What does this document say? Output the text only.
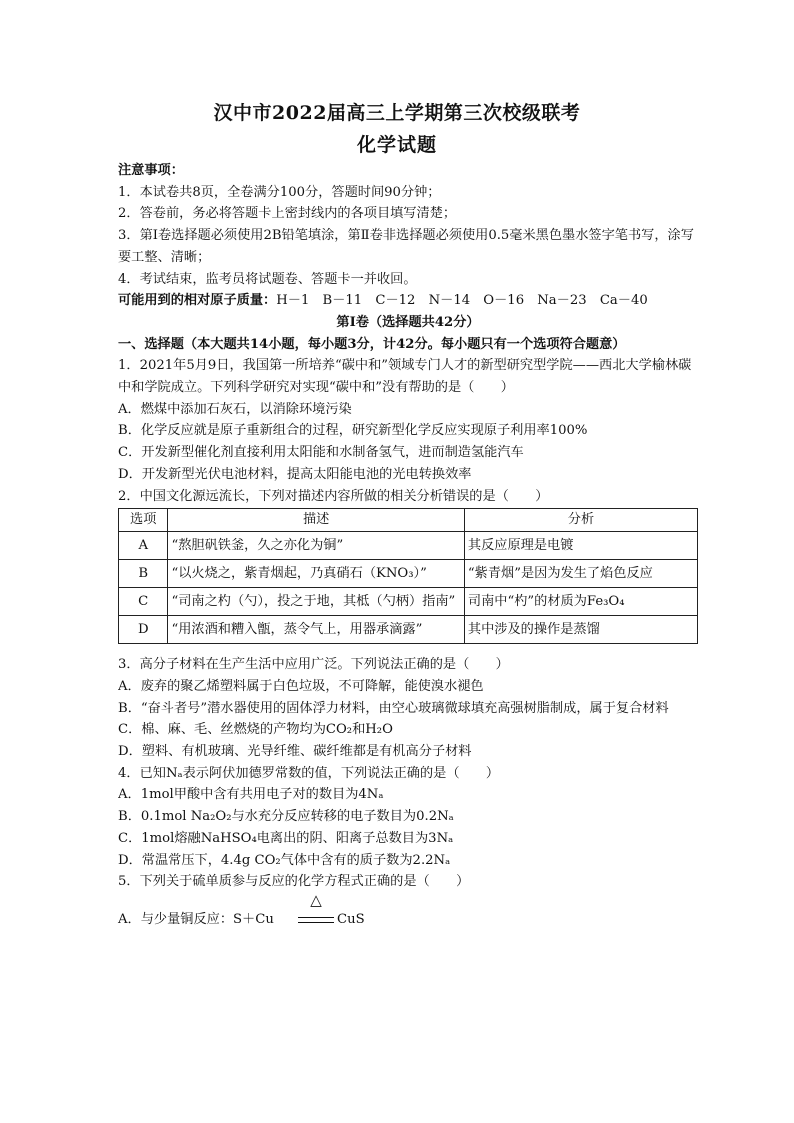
汉中市2022届高三上学期第三次校级联考
化学试题
注意事项：
1．本试卷共8页，全卷满分100分，答题时间90分钟；
2．答卷前，务必将答题卡上密封线内的各项目填写清楚；
3．第Ⅰ卷选择题必须使用2B铅笔填涂，第Ⅱ卷非选择题必须使用0.5毫米黑色墨水签字笔书写，涂写要工整、清晰；
4．考试结束，监考员将试题卷、答题卡一并收回。
可能用到的相对原子质量：H－1　B－11　C－12　N－14　O－16　Na－23　Ca－40
第Ⅰ卷（选择题共42分）
一、选择题（本大题共14小题，每小题3分，计42分。每小题只有一个选项符合题意）
1．2021年5月9日，我国第一所培养“碳中和”领域专门人才的新型研究型学院——西北大学榆林碳中和学院成立。下列科学研究对实现“碳中和”没有帮助的是（　　）
A．燃煤中添加石灰石，以消除环境污染
B．化学反应就是原子重新组合的过程，研究新型化学反应实现原子利用率100%
C．开发新型催化剂直接利用太阳能和水制备氢气，进而制造氢能汽车
D．开发新型光伏电池材料，提高太阳能电池的光电转换效率
2．中国文化源远流长，下列对描述内容所做的相关分析错误的是（　　）
选项	描述	分析
A	“熬胆矾铁釜，久之亦化为铜”	其反应原理是电镀
B	“以火烧之，紫青烟起，乃真硝石（KNO₃）”	“紫青烟”是因为发生了焰色反应
C	“司南之杓（勺），投之于地，其柢（勺柄）指南”	司南中“杓”的材质为Fe₃O₄
D	“用浓酒和糟入甑，蒸令气上，用器承滴露”	其中涉及的操作是蒸馏
3．高分子材料在生产生活中应用广泛。下列说法正确的是（　　）
A．废弃的聚乙烯塑料属于白色垃圾，不可降解，能使溴水褪色
B．“奋斗者号”潜水器使用的固体浮力材料，由空心玻璃微球填充高强树脂制成，属于复合材料
C．棉、麻、毛、丝燃烧的产物均为CO₂和H₂O
D．塑料、有机玻璃、光导纤维、碳纤维都是有机高分子材料
4．已知Nₐ表示阿伏加德罗常数的值，下列说法正确的是（　　）
A．1mol甲酸中含有共用电子对的数目为4Nₐ
B．0.1mol Na₂O₂与水充分反应转移的电子数目为0.2Nₐ
C．1mol熔融NaHSO₄电离出的阴、阳离子总数目为3Nₐ
D．常温常压下，4.4g CO₂气体中含有的质子数为2.2Nₐ
5．下列关于硫单质参与反应的化学方程式正确的是（　　）
A．与少量铜反应：S＋Cu
△
CuS
